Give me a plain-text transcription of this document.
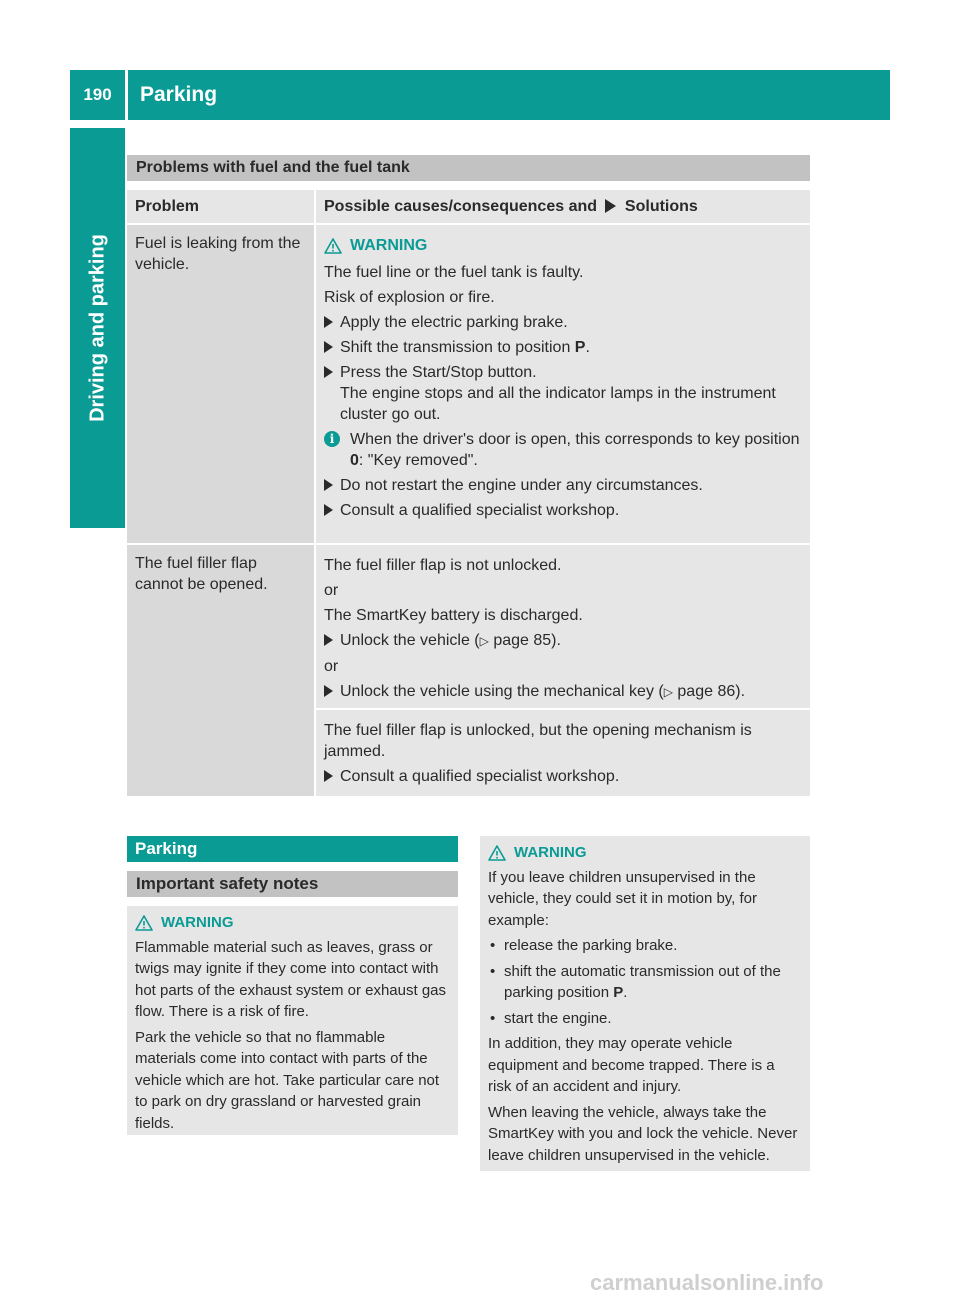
190	Parking
Driving and parking
Problems with fuel and the fuel tank
Problem	Possible causes/consequences and Solutions
Fuel is leaking from the vehicle.
WARNING
The fuel line or the fuel tank is faulty.
Risk of explosion or fire.
Apply the electric parking brake.
Shift the transmission to position P.
Press the Start/Stop button.
The engine stops and all the indicator lamps in the instrument cluster go out.
i When the driver's door is open, this corresponds to key position 0: "Key removed".
Do not restart the engine under any circumstances.
Consult a qualified specialist workshop.
The fuel filler flap cannot be opened.
The fuel filler flap is not unlocked.
or
The SmartKey battery is discharged.
Unlock the vehicle (▷ page 85).
or
Unlock the vehicle using the mechanical key (▷ page 86).
The fuel filler flap is unlocked, but the opening mechanism is jammed.
Consult a qualified specialist workshop.
Parking
Important safety notes
WARNING

Flammable material such as leaves, grass or twigs may ignite if they come into contact with hot parts of the exhaust system or exhaust gas flow. There is a risk of fire.

Park the vehicle so that no flammable materials come into contact with parts of the vehicle which are hot. Take particular care not to park on dry grassland or harvested grain fields.

WARNING

If you leave children unsupervised in the vehicle, they could set it in motion by, for example:

• release the parking brake.
• shift the automatic transmission out of the parking position P.
• start the engine.

In addition, they may operate vehicle equipment and become trapped. There is a risk of an accident and injury.

When leaving the vehicle, always take the SmartKey with you and lock the vehicle. Never leave children unsupervised in the vehicle.

carmanualsonline.info
